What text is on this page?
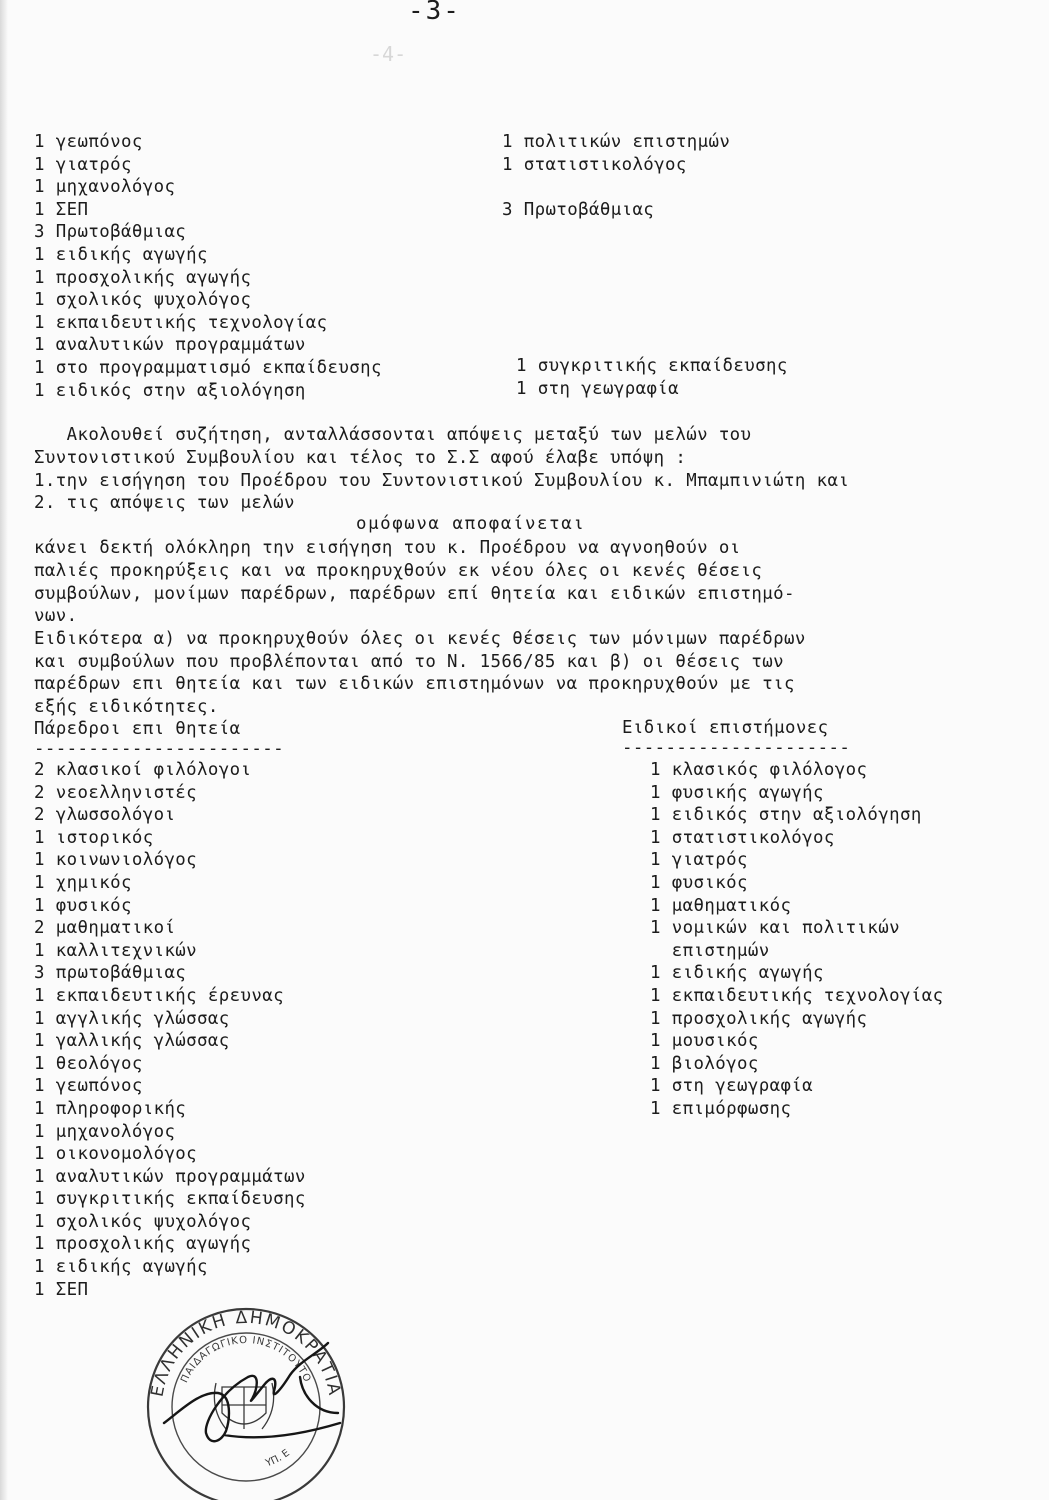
-3-
-4-
1 γεωπόνος
1 γιατρός
1 μηχανολόγος
1 ΣΕΠ
3 Πρωτοβάθμιας
1 ειδικής αγωγής
1 προσχολικής αγωγής
1 σχολικός ψυχολόγος
1 εκπαιδευτικής τεχνολογίας
1 αναλυτικών προγραμμάτων
1 στο προγραμματισμό εκπαίδευσης
1 ειδικός στην αξιολόγηση
1 πολιτικών επιστημών
1 στατιστικολόγος
3 Πρωτοβάθμιας
1 συγκριτικής εκπαίδευσης
1 στη γεωγραφία
Ακολουθεί συζήτηση, ανταλλάσσονται απόψεις μεταξύ των μελών του
Συντονιστικού Συμβουλίου και τέλος το Σ.Σ αφού έλαβε υπόψη :
1.την εισήγηση του Προέδρου του Συντονιστικού Συμβουλίου κ. Μπαμπινιώτη και
2. τις απόψεις των μελών
ομόφωνα αποφαίνεται
κάνει δεκτή ολόκληρη την εισήγηση του κ. Προέδρου να αγνοηθούν οι
παλιές προκηρύξεις και να προκηρυχθούν εκ νέου όλες οι κενές θέσεις
συμβούλων, μονίμων παρέδρων, παρέδρων επί θητεία και ειδικών επιστημό-
νων.
Ειδικότερα α) να προκηρυχθούν όλες οι κενές θέσεις των μόνιμων παρέδρων
και συμβούλων που προβλέπονται από το Ν. 1566/85 και β) οι θέσεις των
παρέδρων επι θητεία και των ειδικών επιστημόνων να προκηρυχθούν με τις
εξής ειδικότητες.
Πάρεδροι επι θητεία	Ειδικοί επιστήμονες
-----------------------	---------------------
2 κλασικοί φιλόλογοι
2 νεοελληνιστές
2 γλωσσολόγοι
1 ιστορικός
1 κοινωνιολόγος
1 χημικός
1 φυσικός
2 μαθηματικοί
1 καλλιτεχνικών
3 πρωτοβάθμιας
1 εκπαιδευτικής έρευνας
1 αγγλικής γλώσσας
1 γαλλικής γλώσσας
1 θεολόγος
1 γεωπόνος
1 πληροφορικής
1 μηχανολόγος
1 οικονομολόγος
1 αναλυτικών προγραμμάτων
1 συγκριτικής εκπαίδευσης
1 σχολικός ψυχολόγος
1 προσχολικής αγωγής
1 ειδικής αγωγής
1 ΣΕΠ
1 κλασικός φιλόλογος
1 φυσικής αγωγής
1 ειδικός στην αξιολόγηση
1 στατιστικολόγος
1 γιατρός
1 φυσικός
1 μαθηματικός
1 νομικών και πολιτικών
επιστημών
1 ειδικής αγωγής
1 εκπαιδευτικής τεχνολογίας
1 προσχολικής αγωγής
1 μουσικός
1 βιολόγος
1 στη γεωγραφία
1 επιμόρφωσης
ΕΛΛΗΝΙΚΗ ΔΗΜΟΚΡΑΤΙΑ
ΠΑΙΔΑΓΩΓΙΚΟ ΙΝΣΤΙΤΟΥΤΟ
ΥΠ. Ε
